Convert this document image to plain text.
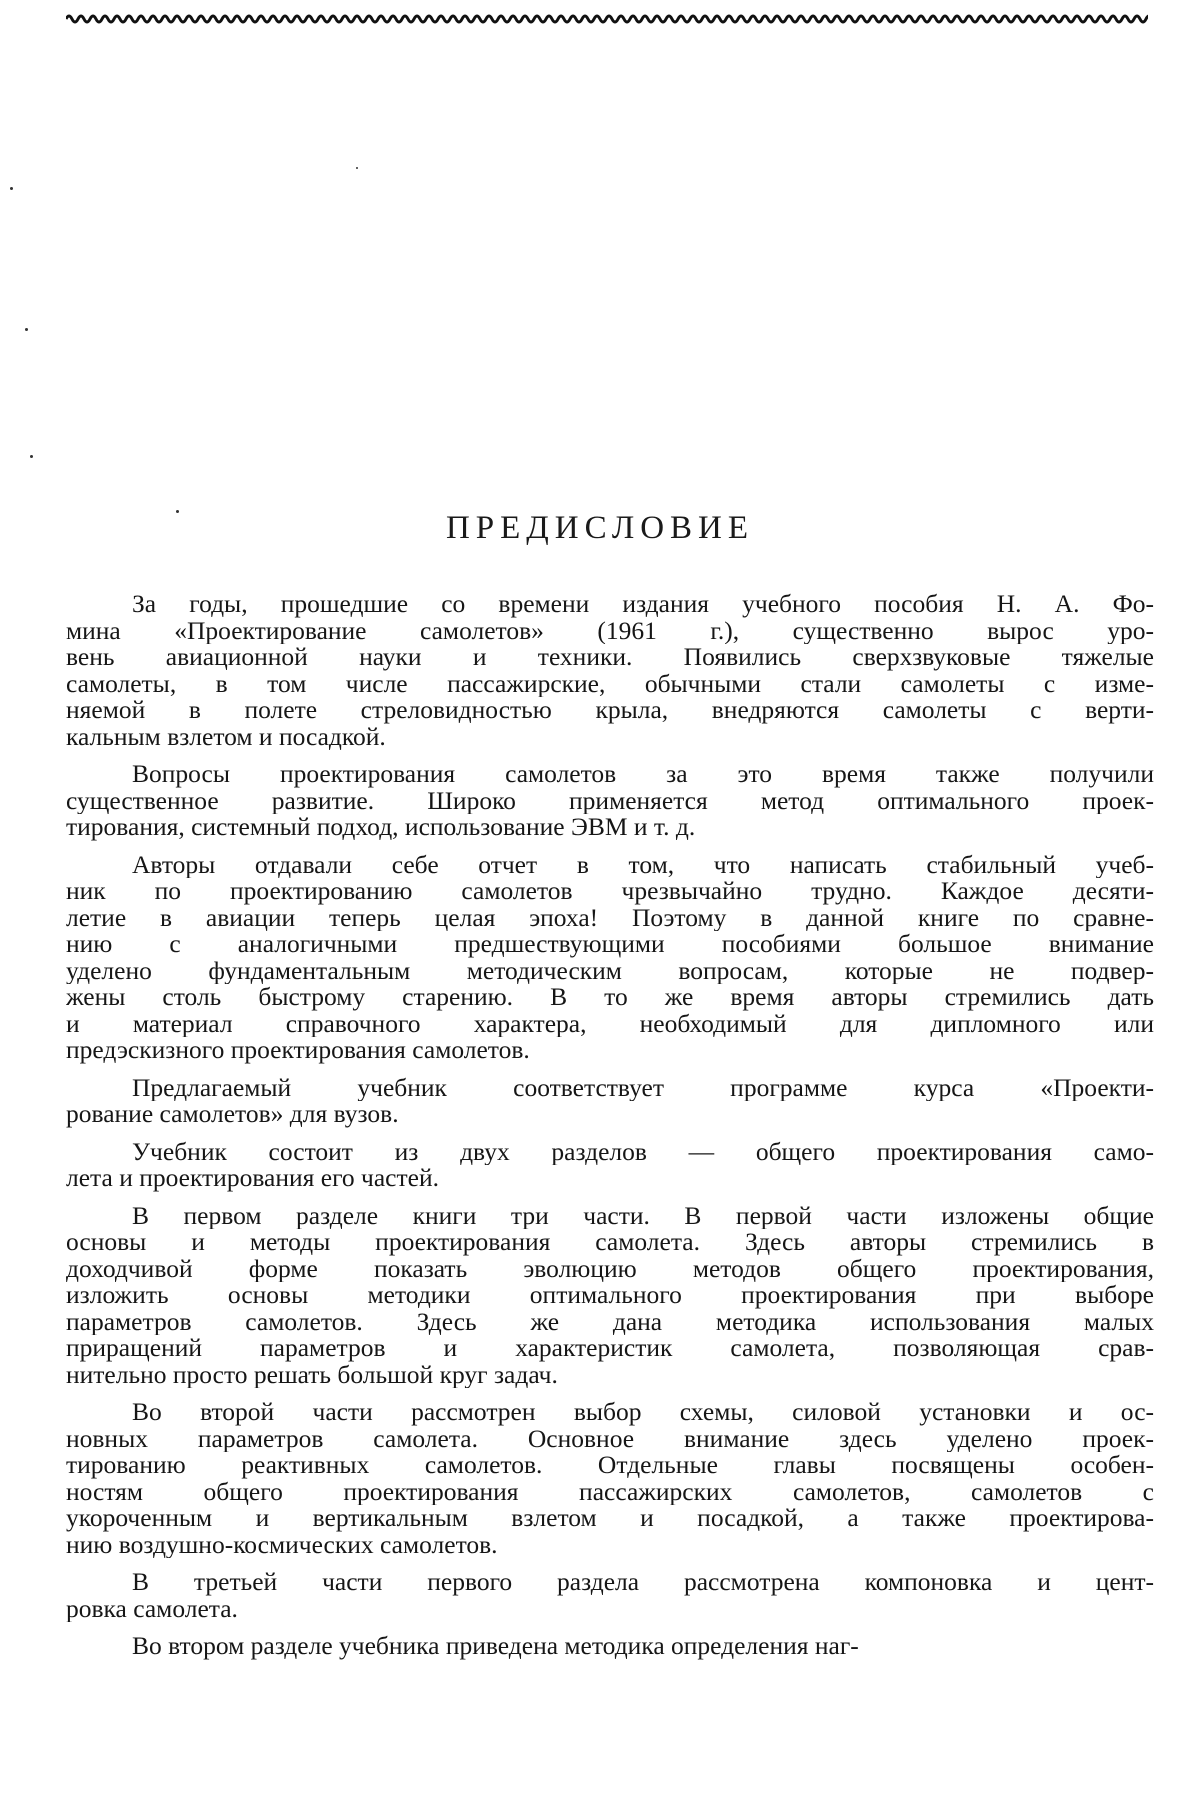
ПРЕДИСЛОВИЕ

За годы, прошедшие со времени издания учебного пособия Н. А. Фо-
мина «Проектирование самолетов» (1961 г.), существенно вырос уро-
вень авиационной науки и техники. Появились сверхзвуковые тяжелые
самолеты, в том числе пассажирские, обычными стали самолеты с изме-
няемой в полете стреловидностью крыла, внедряются самолеты с верти-
кальным взлетом и посадкой.

Вопросы проектирования самолетов за это время также получили
существенное развитие. Широко применяется метод оптимального проек-
тирования, системный подход, использование ЭВМ и т. д.

Авторы отдавали себе отчет в том, что написать стабильный учеб-
ник по проектированию самолетов чрезвычайно трудно. Каждое десяти-
летие в авиации теперь целая эпоха! Поэтому в данной книге по сравне-
нию с аналогичными предшествующими пособиями большое внимание
уделено фундаментальным методическим вопросам, которые не подвер-
жены столь быстрому старению. В то же время авторы стремились дать
и материал справочного характера, необходимый для дипломного или
предэскизного проектирования самолетов.

Предлагаемый учебник соответствует программе курса «Проекти-
рование самолетов» для вузов.

Учебник состоит из двух разделов — общего проектирования само-
лета и проектирования его частей.

В первом разделе книги три части. В первой части изложены общие
основы и методы проектирования самолета. Здесь авторы стремились в
доходчивой форме показать эволюцию методов общего проектирования,
изложить основы методики оптимального проектирования при выборе
параметров самолетов. Здесь же дана методика использования малых
приращений параметров и характеристик самолета, позволяющая срав-
нительно просто решать большой круг задач.

Во второй части рассмотрен выбор схемы, силовой установки и ос-
новных параметров самолета. Основное внимание здесь уделено проек-
тированию реактивных самолетов. Отдельные главы посвящены особен-
ностям общего проектирования пассажирских самолетов, самолетов с
укороченным и вертикальным взлетом и посадкой, а также проектирова-
нию воздушно-космических самолетов.

В третьей части первого раздела рассмотрена компоновка и цент-
ровка самолета.

Во втором разделе учебника приведена методика определения наг-
